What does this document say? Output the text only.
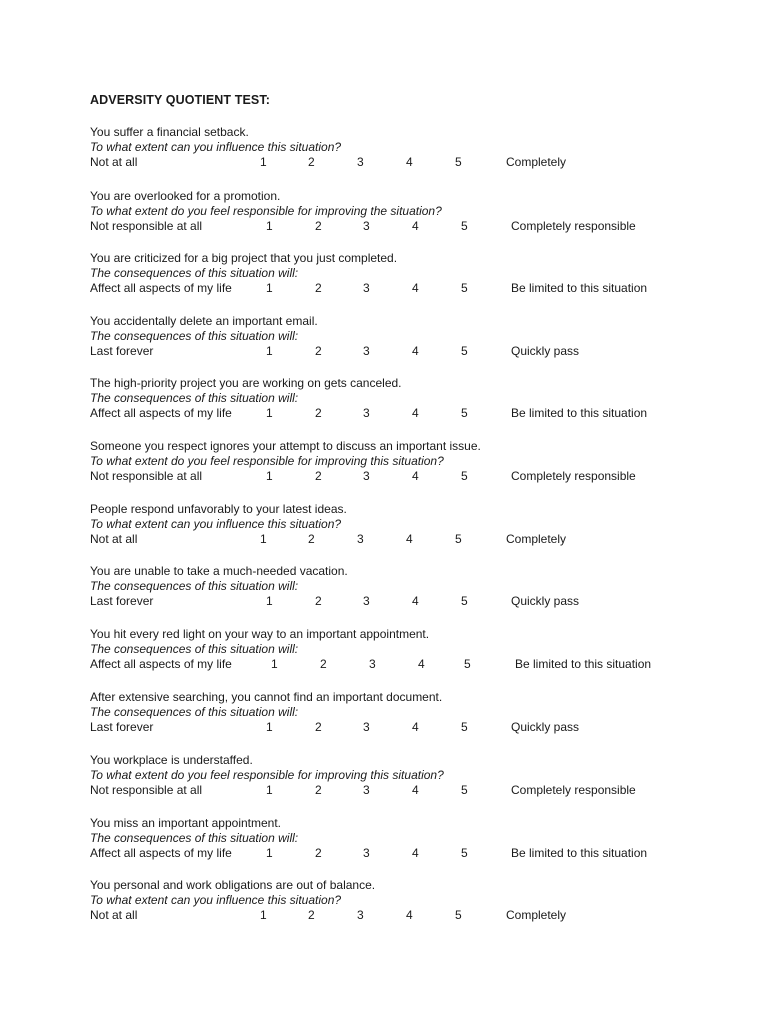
ADVERSITY QUOTIENT TEST:
You suffer a financial setback.
To what extent can you influence this situation?
Not at all	1	2	3	4	5	Completely
You are overlooked for a promotion.
To what extent do you feel responsible for improving the situation?
Not responsible at all	1	2	3	4	5	Completely responsible
You are criticized for a big project that you just completed.
The consequences of this situation will:
Affect all aspects of my life	1	2	3	4	5	Be limited to this situation
You accidentally delete an important email.
The consequences of this situation will:
Last forever	1	2	3	4	5	Quickly pass
The high-priority project you are working on gets canceled.
The consequences of this situation will:
Affect all aspects of my life	1	2	3	4	5	Be limited to this situation
Someone you respect ignores your attempt to discuss an important issue.
To what extent do you feel responsible for improving this situation?
Not responsible at all	1	2	3	4	5	Completely responsible
People respond unfavorably to your latest ideas.
To what extent can you influence this situation?
Not at all	1	2	3	4	5	Completely
You are unable to take a much-needed vacation.
The consequences of this situation will:
Last forever	1	2	3	4	5	Quickly pass
You hit every red light on your way to an important appointment.
The consequences of this situation will:
Affect all aspects of my life	1	2	3	4	5	Be limited to this situation
After extensive searching, you cannot find an important document.
The consequences of this situation will:
Last forever	1	2	3	4	5	Quickly pass
You workplace is understaffed.
To what extent do you feel responsible for improving this situation?
Not responsible at all	1	2	3	4	5	Completely responsible
You miss an important appointment.
The consequences of this situation will:
Affect all aspects of my life	1	2	3	4	5	Be limited to this situation
You personal and work obligations are out of balance.
To what extent can you influence this situation?
Not at all	1	2	3	4	5	Completely
